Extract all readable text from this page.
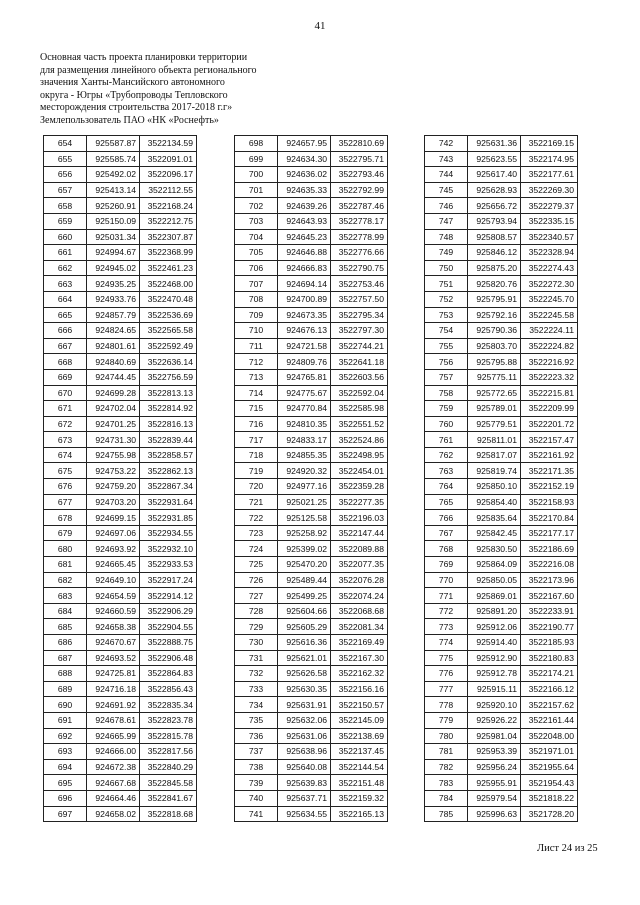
41
Основная часть проекта планировки территории
для размещения линейного объекта регионального
значения Ханты-Мансийского автономного
округа - Югры «Трубопроводы Тепловского
месторождения строительства 2017-2018 г.г»
Землепользователь ПАО «НК «Роснефть»
654	925587.87	3522134.59
655	925585.74	3522091.01
656	925492.02	3522096.17
657	925413.14	3522112.55
658	925260.91	3522168.24
659	925150.09	3522212.75
660	925031.34	3522307.87
661	924994.67	3522368.99
662	924945.02	3522461.23
663	924935.25	3522468.00
664	924933.76	3522470.48
665	924857.79	3522536.69
666	924824.65	3522565.58
667	924801.61	3522592.49
668	924840.69	3522636.14
669	924744.45	3522756.59
670	924699.28	3522813.13
671	924702.04	3522814.92
672	924701.25	3522816.13
673	924731.30	3522839.44
674	924755.98	3522858.57
675	924753.22	3522862.13
676	924759.20	3522867.34
677	924703.20	3522931.64
678	924699.15	3522931.85
679	924697.06	3522934.55
680	924693.92	3522932.10
681	924665.45	3522933.53
682	924649.10	3522917.24
683	924654.59	3522914.12
684	924660.59	3522906.29
685	924658.38	3522904.55
686	924670.67	3522888.75
687	924693.52	3522906.48
688	924725.81	3522864.83
689	924716.18	3522856.43
690	924691.92	3522835.34
691	924678.61	3522823.78
692	924665.99	3522815.78
693	924666.00	3522817.56
694	924672.38	3522840.29
695	924667.68	3522845.58
696	924664.46	3522841.67
697	924658.02	3522818.68
698	924657.95	3522810.69
699	924634.30	3522795.71
700	924636.02	3522793.46
701	924635.33	3522792.99
702	924639.26	3522787.46
703	924643.93	3522778.17
704	924645.23	3522778.99
705	924646.88	3522776.66
706	924666.83	3522790.75
707	924694.14	3522753.46
708	924700.89	3522757.50
709	924673.35	3522795.34
710	924676.13	3522797.30
711	924721.58	3522744.21
712	924809.76	3522641.18
713	924765.81	3522603.56
714	924775.67	3522592.04
715	924770.84	3522585.98
716	924810.35	3522551.52
717	924833.17	3522524.86
718	924855.35	3522498.95
719	924920.32	3522454.01
720	924977.16	3522359.28
721	925021.25	3522277.35
722	925125.58	3522196.03
723	925258.92	3522147.44
724	925399.02	3522089.88
725	925470.20	3522077.35
726	925489.44	3522076.28
727	925499.25	3522074.24
728	925604.66	3522068.68
729	925605.29	3522081.34
730	925616.36	3522169.49
731	925621.01	3522167.30
732	925626.58	3522162.32
733	925630.35	3522156.16
734	925631.91	3522150.57
735	925632.06	3522145.09
736	925631.06	3522138.69
737	925638.96	3522137.45
738	925640.08	3522144.54
739	925639.83	3522151.48
740	925637.71	3522159.32
741	925634.55	3522165.13
742	925631.36	3522169.15
743	925623.55	3522174.95
744	925617.40	3522177.61
745	925628.93	3522269.30
746	925656.72	3522279.37
747	925793.94	3522335.15
748	925808.57	3522340.57
749	925846.12	3522328.94
750	925875.20	3522274.43
751	925820.76	3522272.30
752	925795.91	3522245.70
753	925792.16	3522245.58
754	925790.36	3522224.11
755	925803.70	3522224.82
756	925795.88	3522216.92
757	925775.11	3522223.32
758	925772.65	3522215.81
759	925789.01	3522209.99
760	925779.51	3522201.72
761	925811.01	3522157.47
762	925817.07	3522161.92
763	925819.74	3522171.35
764	925850.10	3522152.19
765	925854.40	3522158.93
766	925835.64	3522170.84
767	925842.45	3522177.17
768	925830.50	3522186.69
769	925864.09	3522216.08
770	925850.05	3522173.96
771	925869.01	3522167.60
772	925891.20	3522233.91
773	925912.06	3522190.77
774	925914.40	3522185.93
775	925912.90	3522180.83
776	925912.78	3522174.21
777	925915.11	3522166.12
778	925920.10	3522157.62
779	925926.22	3522161.44
780	925981.04	3522048.00
781	925953.39	3521971.01
782	925956.24	3521955.64
783	925955.91	3521954.43
784	925979.54	3521818.22
785	925996.63	3521728.20
Лист 24 из 25
